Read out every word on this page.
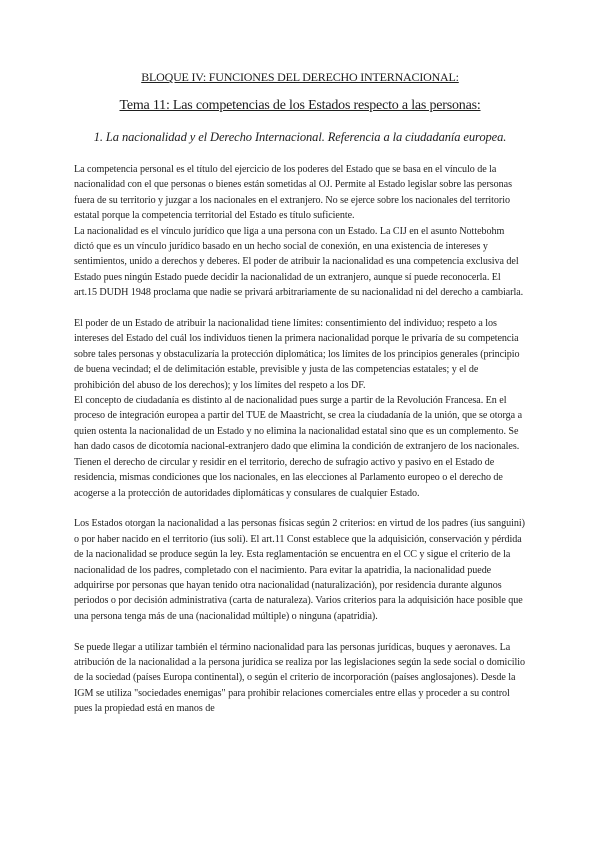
BLOQUE IV: FUNCIONES DEL DERECHO INTERNACIONAL:
Tema 11: Las competencias de los Estados respecto a las personas:
1. La nacionalidad y el Derecho Internacional. Referencia a la ciudadanía europea.

La competencia personal es el título del ejercicio de los poderes del Estado que se basa en el vínculo de la nacionalidad con el que personas o bienes están sometidas al OJ. Permite al Estado legislar sobre las personas fuera de su territorio y juzgar a los nacionales en el extranjero. No se ejerce sobre los nacionales del territorio estatal porque la competencia territorial del Estado es título suficiente.

La nacionalidad es el vínculo jurídico que liga a una persona con un Estado. La CIJ en el asunto Nottebohm dictó que es un vínculo jurídico basado en un hecho social de conexión, en una existencia de intereses y sentimientos, unido a derechos y deberes. El poder de atribuir la nacionalidad es una competencia exclusiva del Estado pues ningún Estado puede decidir la nacionalidad de un extranjero, aunque sí puede reconocerla. El art.15 DUDH 1948 proclama que nadie se privará arbitrariamente de su nacionalidad ni del derecho a cambiarla.

El poder de un Estado de atribuir la nacionalidad tiene límites: consentimiento del individuo; respeto a los intereses del Estado del cuál los individuos tienen la primera nacionalidad porque le privaría de su competencia sobre tales personas y obstaculizaría la protección diplomática; los límites de los principios generales (principio de buena vecindad; el de delimitación estable, previsible y justa de las competencias estatales; y el de prohibición del abuso de los derechos); y los límites del respeto a los DF.

El concepto de ciudadanía es distinto al de nacionalidad pues surge a partir de la Revolución Francesa. En el proceso de integración europea a partir del TUE de Maastricht, se crea la ciudadanía de la unión, que se otorga a quien ostenta la nacionalidad de un Estado y no elimina la nacionalidad estatal sino que es un complemento. Se han dado casos de dicotomía nacional-extranjero dado que elimina la condición de extranjero de los nacionales. Tienen el derecho de circular y residir en el territorio, derecho de sufragio activo y pasivo en el Estado de residencia, mismas condiciones que los nacionales, en las elecciones al Parlamento europeo o el derecho de acogerse a la protección de autoridades diplomáticas y consulares de cualquier Estado.

Los Estados otorgan la nacionalidad a las personas físicas según 2 criterios: en virtud de los padres (ius sanguini) o por haber nacido en el territorio (ius soli). El art.11 Const establece que la adquisición, conservación y pérdida de la nacionalidad se produce según la ley. Esta reglamentación se encuentra en el CC y sigue el criterio de la nacionalidad de los padres, completado con el nacimiento. Para evitar la apatridia, la nacionalidad puede adquirirse por personas que hayan tenido otra nacionalidad (naturalización), por residencia durante algunos periodos o por decisión administrativa (carta de naturaleza). Varios criterios para la adquisición hace posible que una persona tenga más de una (nacionalidad múltiple) o ninguna (apatridia).

Se puede llegar a utilizar también el término nacionalidad para las personas jurídicas, buques y aeronaves. La atribución de la nacionalidad a la persona jurídica se realiza por las legislaciones según la sede social o domicilio de la sociedad (países Europa continental), o según el criterio de incorporación (países anglosajones). Desde la IGM se utiliza "sociedades enemigas" para prohibir relaciones comerciales entre ellas y proceder a su control pues la propiedad está en manos de
